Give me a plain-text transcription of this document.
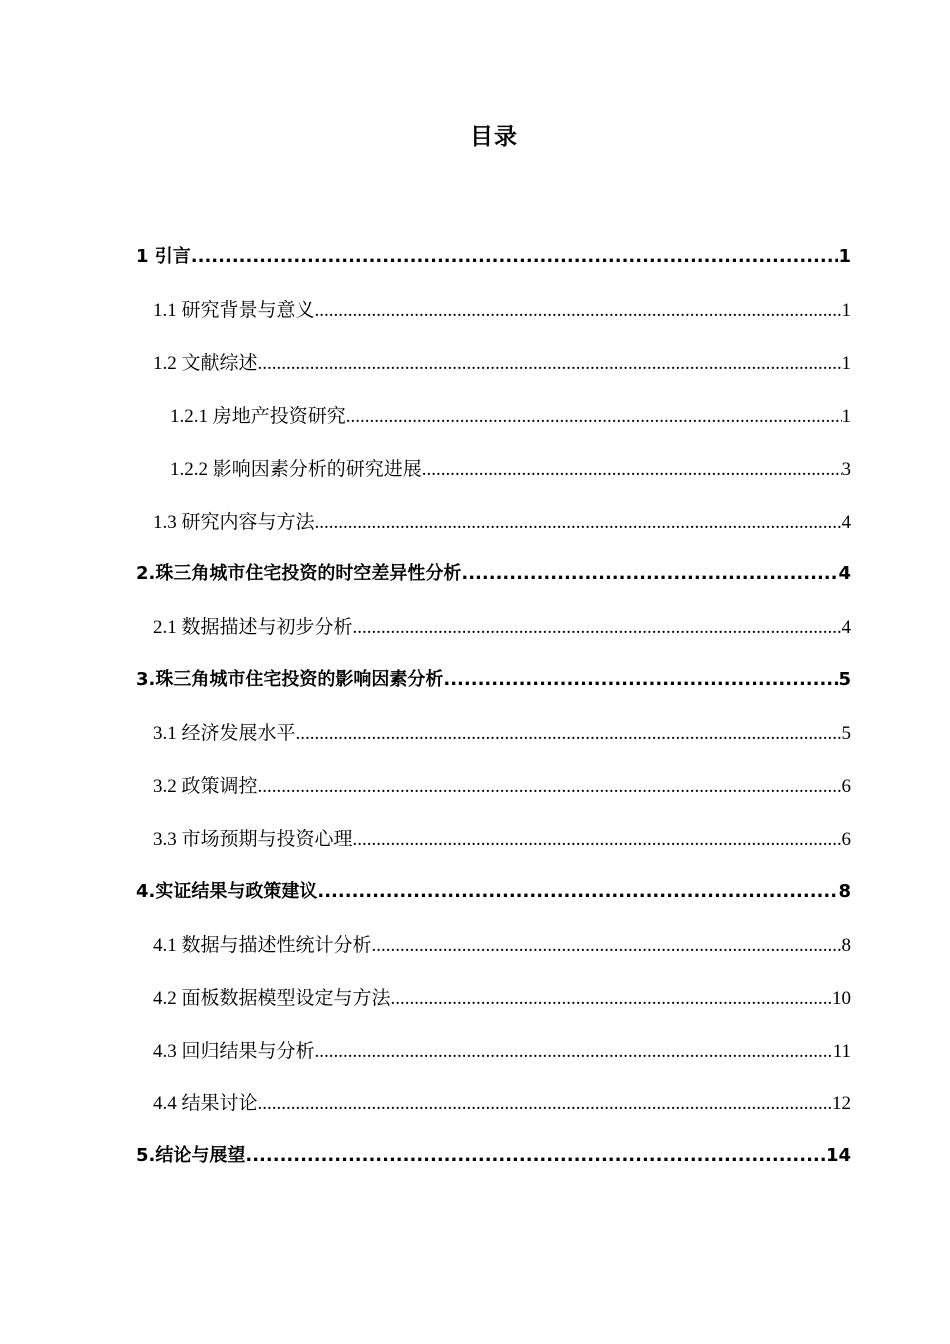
目录
1 引言 .....	1
1.1 研究背景与意义 .....	1
1.2 文献综述 .....	1
1.2.1 房地产投资研究 .....	1
1.2.2 影响因素分析的研究进展 .....	3
1.3 研究内容与方法 .....	4
2.珠三角城市住宅投资的时空差异性分析 .....	4
2.1 数据描述与初步分析 .....	4
3.珠三角城市住宅投资的影响因素分析 .....	5
3.1 经济发展水平 .....	5
3.2 政策调控 .....	6
3.3 市场预期与投资心理 .....	6
4.实证结果与政策建议 .....	8
4.1 数据与描述性统计分析 .....	8
4.2 面板数据模型设定与方法 .....	10
4.3 回归结果与分析 .....	11
4.4 结果讨论 .....	12
5.结论与展望 .....	14
